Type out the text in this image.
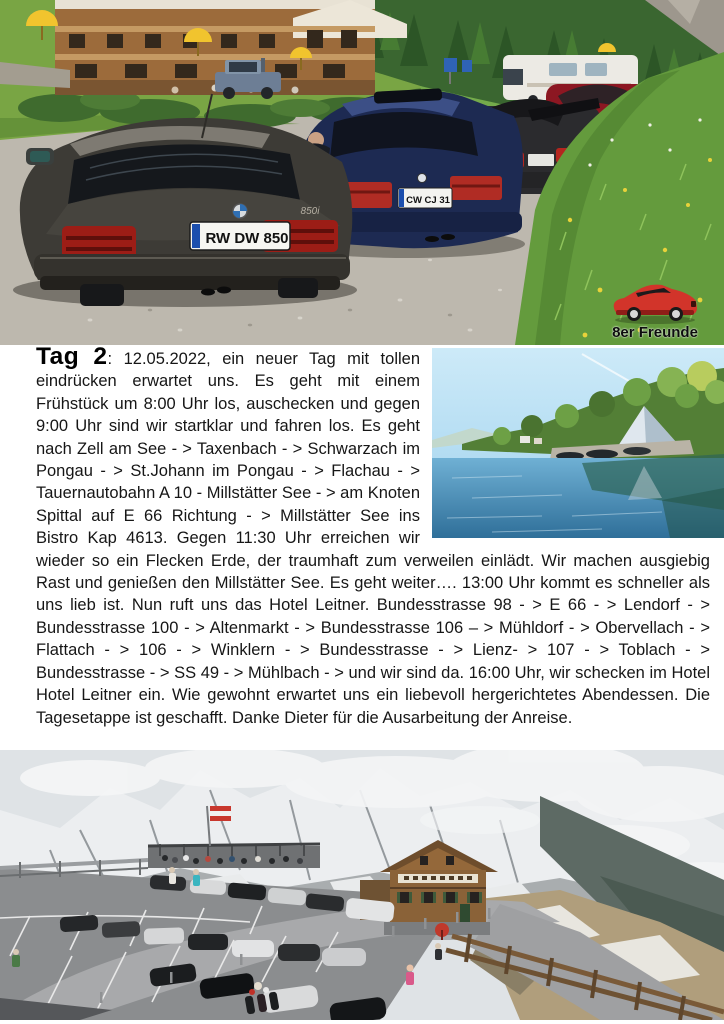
CW CJ 31
850i
RW DW 850
8er Freunde

Tag 2: 12.05.2022, ein neuer Tag mit tollen eindrücken erwartet uns. Es geht mit einem Frühstück um 8:00 Uhr los, auschecken und gegen 9:00 Uhr sind wir startklar und fahren los. Es geht nach Zell am See - > Taxenbach - > Schwarzach im Pongau - > St.Johann im Pongau - > Flachau - > Tauernautobahn A 10 - Millstätter See - > am Knoten Spittal auf E 66 Richtung - > Millstätter See ins Bistro Kap 4613. Gegen 11:30 Uhr erreichen wir wieder so ein Flecken Erde, der traumhaft zum verweilen einlädt. Wir machen ausgiebig Rast und genießen den Millstätter See. Es geht weiter…. 13:00 Uhr kommt es schneller als uns lieb ist. Nun ruft uns das Hotel Leitner. Bundesstrasse 98 - > E 66 - > Lendorf - > Bundesstrasse 100 - > Altenmarkt - > Bundesstrasse 106 – > Mühldorf - > Obervellach - > Flattach - > 106 - > Winklern - > Bundesstrasse - > Lienz- > 107 - > Toblach - > Bundesstrasse - > SS 49 - > Mühlbach - > und wir sind da. 16:00 Uhr, wir schecken im Hotel Hotel Leitner ein. Wie gewohnt erwartet uns ein liebevoll hergerichtetes Abendessen. Die Tagesetappe ist geschafft. Danke Dieter für die Ausarbeitung der Anreise.
